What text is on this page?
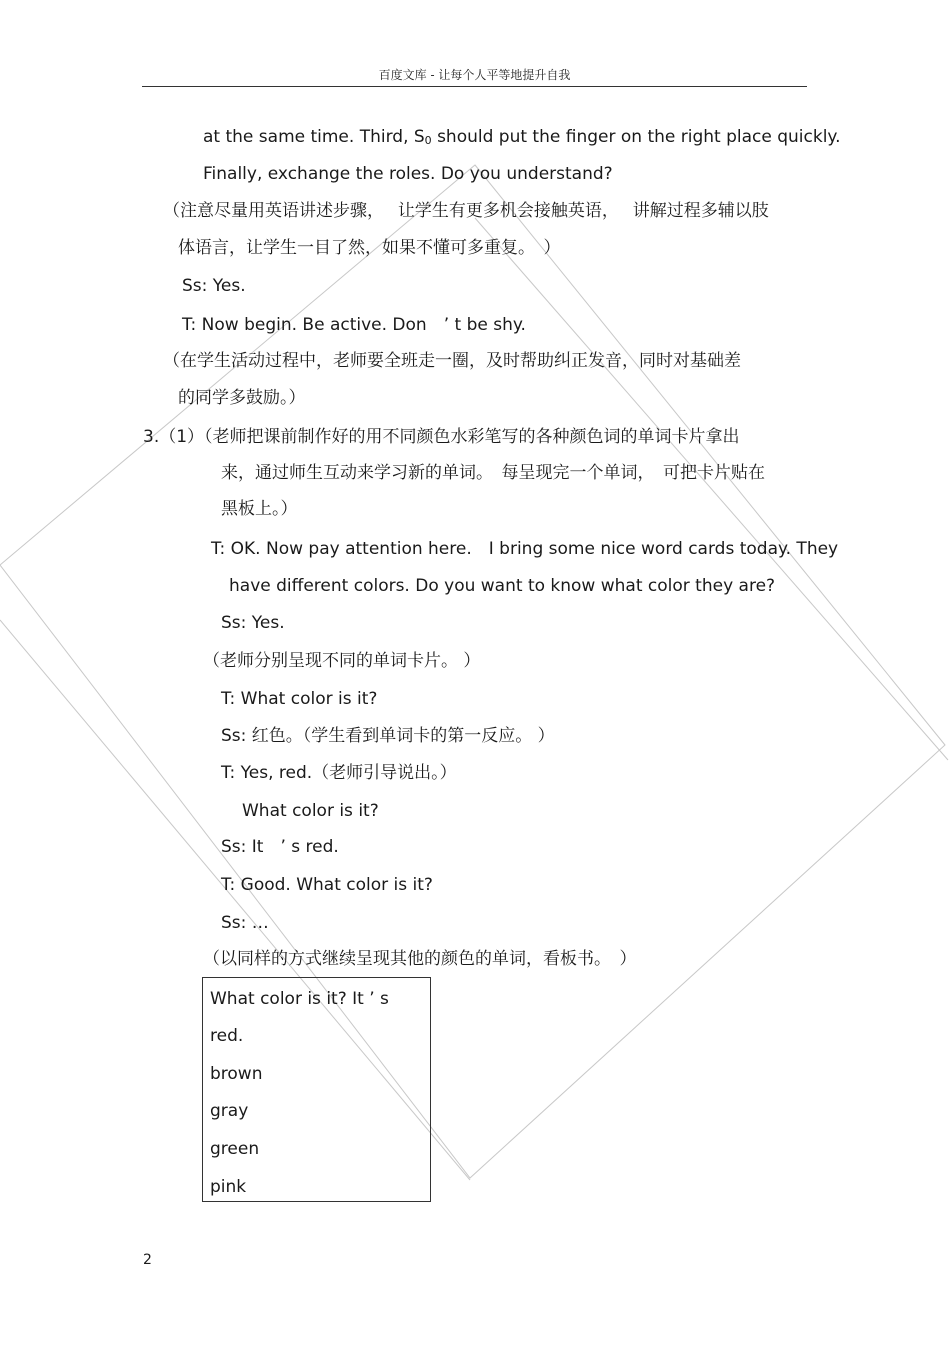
百度文库 - 让每个人平等地提升自我
at the same time. Third, S0 should put the finger on the right place quickly.
Finally, exchange the roles. Do you understand?
（注意尽量用英语讲述步骤，　 让学生有更多机会接触英语，　 讲解过程多辅以肢
体语言，让学生一目了然，如果不懂可多重复。　）
Ss: Yes.
T: Now begin. Be active. Don　’ t be shy.
（在学生活动过程中，老师要全班走一圈，及时帮助纠正发音，同时对基础差
的同学多鼓励。）
3.（1）（老师把课前制作好的用不同颜色水彩笔写的各种颜色词的单词卡片拿出
来，通过师生互动来学习新的单词。　每呈现完一个单词，　可把卡片贴在
黑板上。）
T: OK. Now pay attention here.　I bring some nice word cards today. They
have different colors. Do you want to know what color they are?
Ss: Yes.
（老师分别呈现不同的单词卡片。 ）
T: What color is it?
Ss: 红色。（学生看到单词卡的第一反应。 ）
T: Yes, red.（老师引导说出。）
What color is it?
Ss: It　’ s red.
T: Good. What color is it?
Ss: …
（以同样的方式继续呈现其他的颜色的单词，看板书。　）
What color is it? It ’ s
red.
brown
gray
green
pink
2
